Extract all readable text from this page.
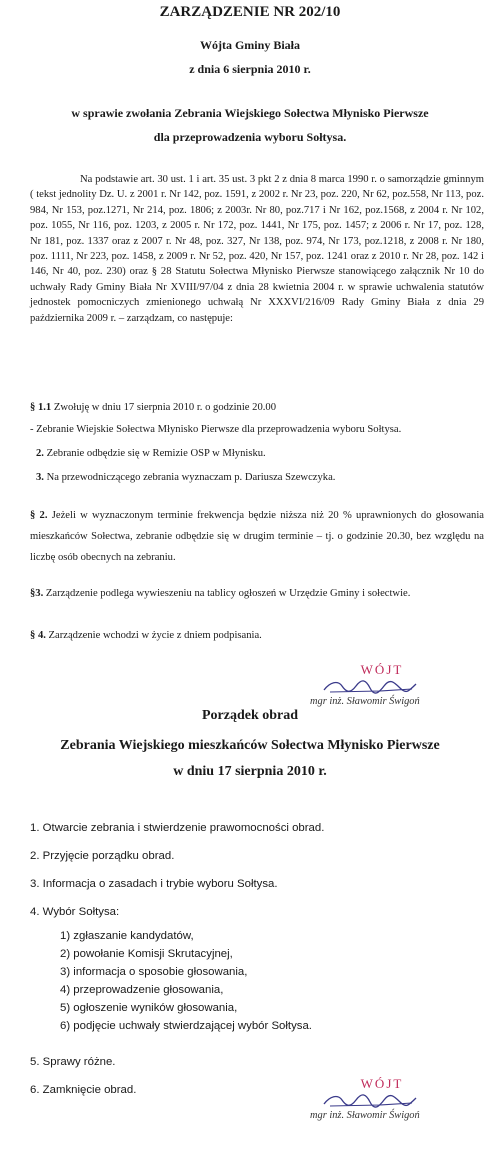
ZARZĄDZENIE NR 202/10
Wójta Gminy Biała
z dnia 6 sierpnia 2010 r.
w sprawie zwołania Zebrania Wiejskiego Sołectwa Młynisko Pierwsze
dla przeprowadzenia wyboru Sołtysa.
Na podstawie art. 30 ust. 1 i art. 35 ust. 3 pkt 2 z dnia 8 marca 1990 r. o samorządzie gminnym ( tekst jednolity Dz. U. z 2001 r. Nr 142, poz. 1591, z 2002 r. Nr 23, poz. 220, Nr 62, poz.558, Nr 113, poz. 984, Nr 153, poz.1271, Nr 214, poz. 1806; z 2003r. Nr 80, poz.717 i Nr 162, poz.1568, z 2004 r. Nr 102, poz. 1055, Nr 116, poz. 1203, z 2005 r. Nr 172, poz. 1441, Nr 175, poz. 1457; z 2006 r. Nr 17, poz. 128, Nr 181, poz. 1337 oraz z 2007 r. Nr 48, poz. 327, Nr 138, poz. 974, Nr 173, poz.1218, z 2008 r. Nr 180, poz. 1111, Nr 223, poz. 1458, z 2009 r. Nr 52, poz. 420, Nr 157, poz. 1241 oraz z 2010 r. Nr 28, poz. 142 i 146, Nr 40, poz. 230) oraz § 28 Statutu Sołectwa Młynisko Pierwsze stanowiącego załącznik Nr 10 do uchwały Rady Gminy Biała Nr XVIII/97/04 z dnia 28 kwietnia 2004 r. w sprawie uchwalenia statutów jednostek pomocniczych zmienionego uchwałą Nr XXXVI/216/09 Rady Gminy Biała z dnia 29 października 2009 r. – zarządzam, co następuje:
§ 1.1 Zwołuję w dniu 17 sierpnia 2010 r. o godzinie 20.00
- Zebranie Wiejskie Sołectwa Młynisko Pierwsze dla przeprowadzenia wyboru Sołtysa.
2. Zebranie odbędzie się w Remizie OSP w Młynisku.
3. Na przewodniczącego zebrania wyznaczam p. Dariusza Szewczyka.
§ 2. Jeżeli w wyznaczonym terminie frekwencja będzie niższa niż 20 % uprawnionych do głosowania mieszkańców Sołectwa, zebranie odbędzie się w drugim terminie – tj. o godzinie 20.30, bez względu na liczbę osób obecnych na zebraniu.
§3. Zarządzenie podlega wywieszeniu na tablicy ogłoszeń w Urzędzie Gminy i sołectwie.
§ 4. Zarządzenie wchodzi w życie z dniem podpisania.
WÓJT
mgr inż. Sławomir Świgoń
Porządek obrad
Zebrania Wiejskiego mieszkańców Sołectwa Młynisko Pierwsze
w dniu 17 sierpnia 2010 r.
1. Otwarcie zebrania i stwierdzenie prawomocności obrad.
2. Przyjęcie porządku obrad.
3. Informacja o zasadach i trybie wyboru Sołtysa.
4. Wybór Sołtysa:
1) zgłaszanie kandydatów,
2) powołanie Komisji Skrutacyjnej,
3) informacja o sposobie głosowania,
4) przeprowadzenie głosowania,
5) ogłoszenie wyników głosowania,
6) podjęcie uchwały stwierdzającej wybór Sołtysa.
5. Sprawy różne.
6. Zamknięcie obrad.	WÓJT
mgr inż. Sławomir Świgoń
